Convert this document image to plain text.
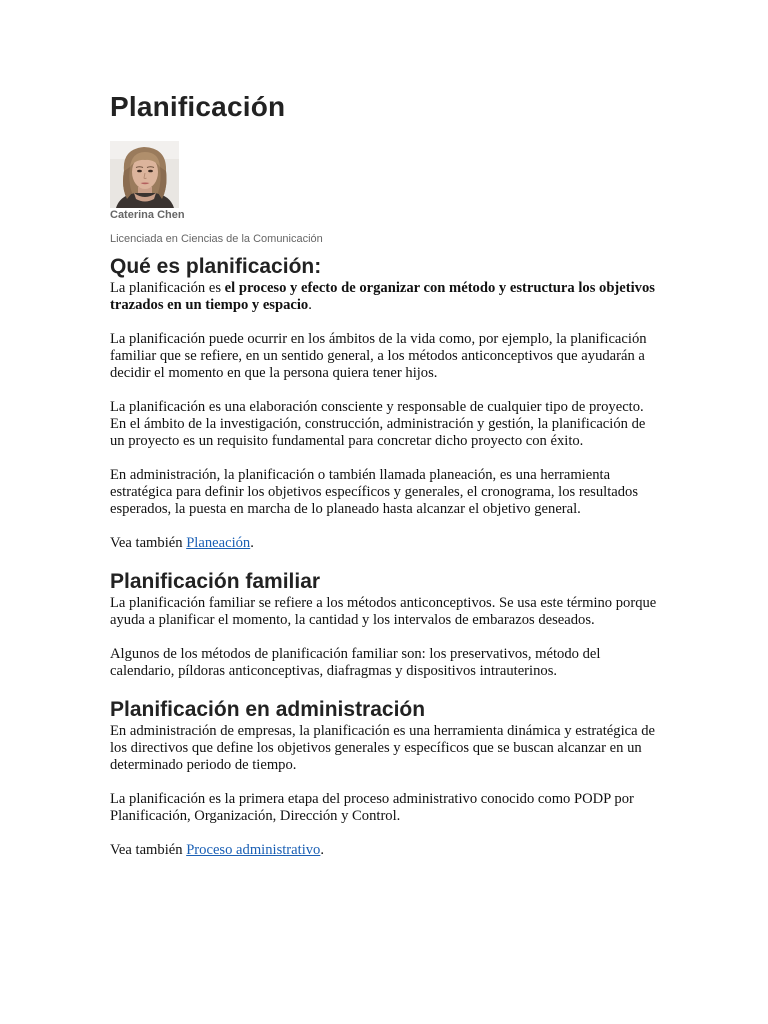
Planificación
Caterina Chen
Licenciada en Ciencias de la Comunicación
Qué es planificación:

La planificación es el proceso y efecto de organizar con método y estructura los objetivos trazados en un tiempo y espacio.

La planificación puede ocurrir en los ámbitos de la vida como, por ejemplo, la planificación familiar que se refiere, en un sentido general, a los métodos anticonceptivos que ayudarán a decidir el momento en que la persona quiera tener hijos.

La planificación es una elaboración consciente y responsable de cualquier tipo de proyecto. En el ámbito de la investigación, construcción, administración y gestión, la planificación de un proyecto es un requisito fundamental para concretar dicho proyecto con éxito.

En administración, la planificación o también llamada planeación, es una herramienta estratégica para definir los objetivos específicos y generales, el cronograma, los resultados esperados, la puesta en marcha de lo planeado hasta alcanzar el objetivo general.

Vea también Planeación.

Planificación familiar

La planificación familiar se refiere a los métodos anticonceptivos. Se usa este término porque ayuda a planificar el momento, la cantidad y los intervalos de embarazos deseados.

Algunos de los métodos de planificación familiar son: los preservativos, método del calendario, píldoras anticonceptivas, diafragmas y dispositivos intrauterinos.

Planificación en administración

En administración de empresas, la planificación es una herramienta dinámica y estratégica de los directivos que define los objetivos generales y específicos que se buscan alcanzar en un determinado periodo de tiempo.

La planificación es la primera etapa del proceso administrativo conocido como PODP por Planificación, Organización, Dirección y Control.

Vea también Proceso administrativo.
